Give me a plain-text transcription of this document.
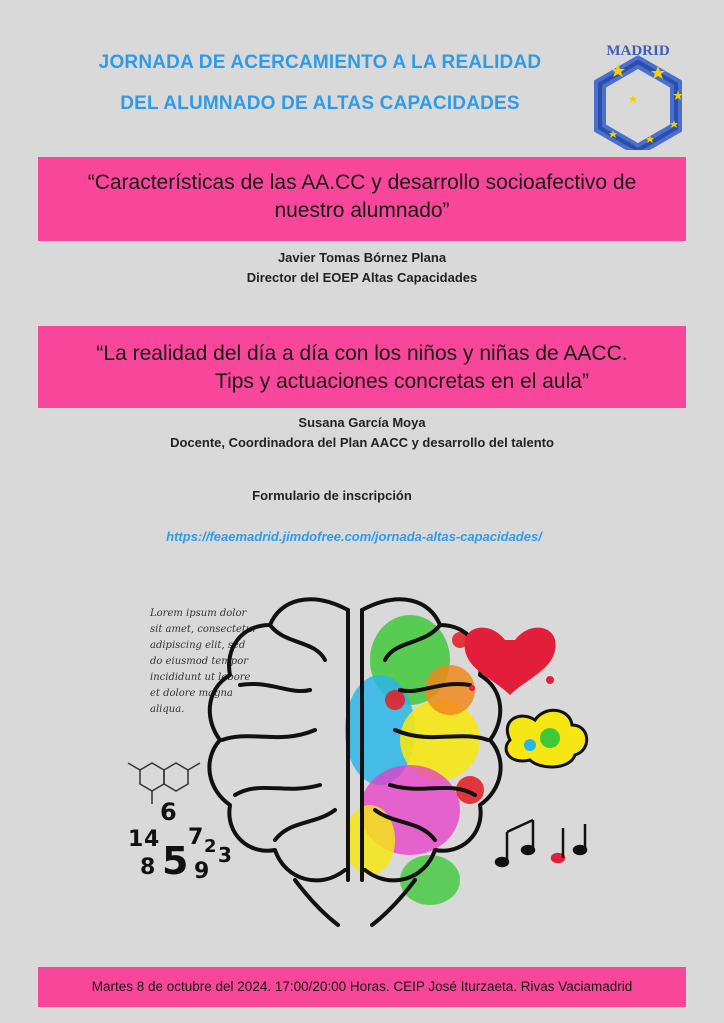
JORNADA DE ACERCAMIENTO A LA REALIDAD
DEL ALUMNADO DE ALTAS CAPACIDADES
MADRID
“Características de las AA.CC y desarrollo socioafectivo de
nuestro alumnado”
Javier Tomas Bórnez Plana
Director del EOEP Altas Capacidades
“La realidad del día a día con los niños y niñas de AACC.
Tips y actuaciones concretas en el aula”
Susana García Moya
Docente, Coordinadora del Plan AACC y desarrollo del talento
Formulario de inscripción
https://feaemadrid.jimdofree.com/jornada-altas-capacidades/
Lorem ipsum dolor
sit amet, consectetur
adipiscing elit, sed
do eiusmod tempor
incididunt ut labore
et dolore magna
aliqua.
6
1 4 5
7 2
8 9
3
Martes 8 de octubre del 2024. 17:00/20:00 Horas. CEIP José Iturzaeta. Rivas Vaciamadrid
